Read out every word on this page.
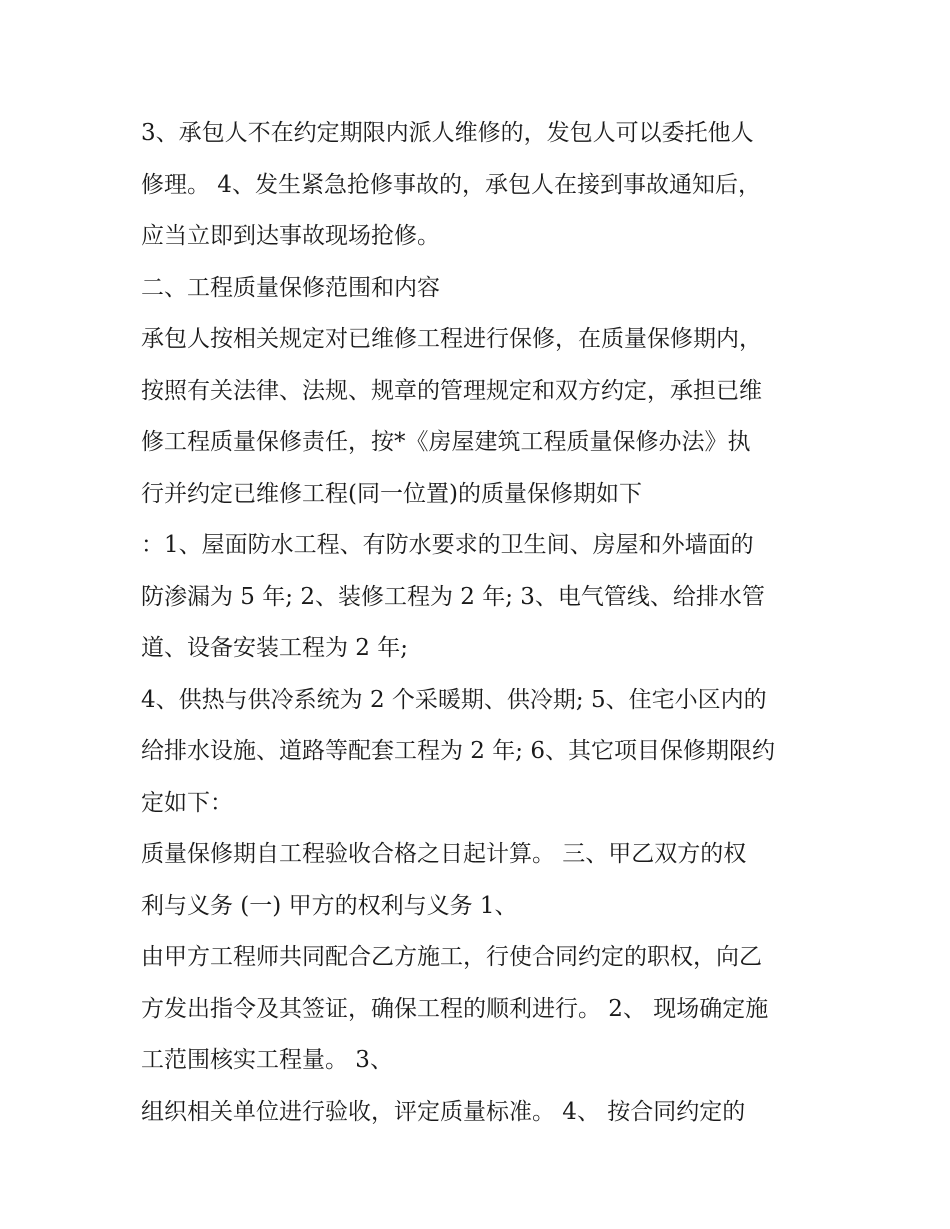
3、承包人不在约定期限内派人维修的，发包人可以委托他人
修理。 4、发生紧急抢修事故的，承包人在接到事故通知后，
应当立即到达事故现场抢修。
二、工程质量保修范围和内容
承包人按相关规定对已维修工程进行保修，在质量保修期内，
按照有关法律、法规、规章的管理规定和双方约定，承担已维
修工程质量保修责任，按*《房屋建筑工程质量保修办法》执
行并约定已维修工程(同一位置)的质量保修期如下
：1、屋面防水工程、有防水要求的卫生间、房屋和外墙面的
防渗漏为 5 年; 2、装修工程为 2 年; 3、电气管线、给排水管
道、设备安装工程为 2 年;
4、供热与供冷系统为 2 个采暖期、供冷期; 5、住宅小区内的
给排水设施、道路等配套工程为 2 年; 6、其它项目保修期限约
定如下：
质量保修期自工程验收合格之日起计算。 三、甲乙双方的权
利与义务 (一) 甲方的权利与义务 1、
由甲方工程师共同配合乙方施工，行使合同约定的职权，向乙
方发出指令及其签证，确保工程的顺利进行。 2、 现场确定施
工范围核实工程量。 3、
组织相关单位进行验收，评定质量标准。 4、 按合同约定的
